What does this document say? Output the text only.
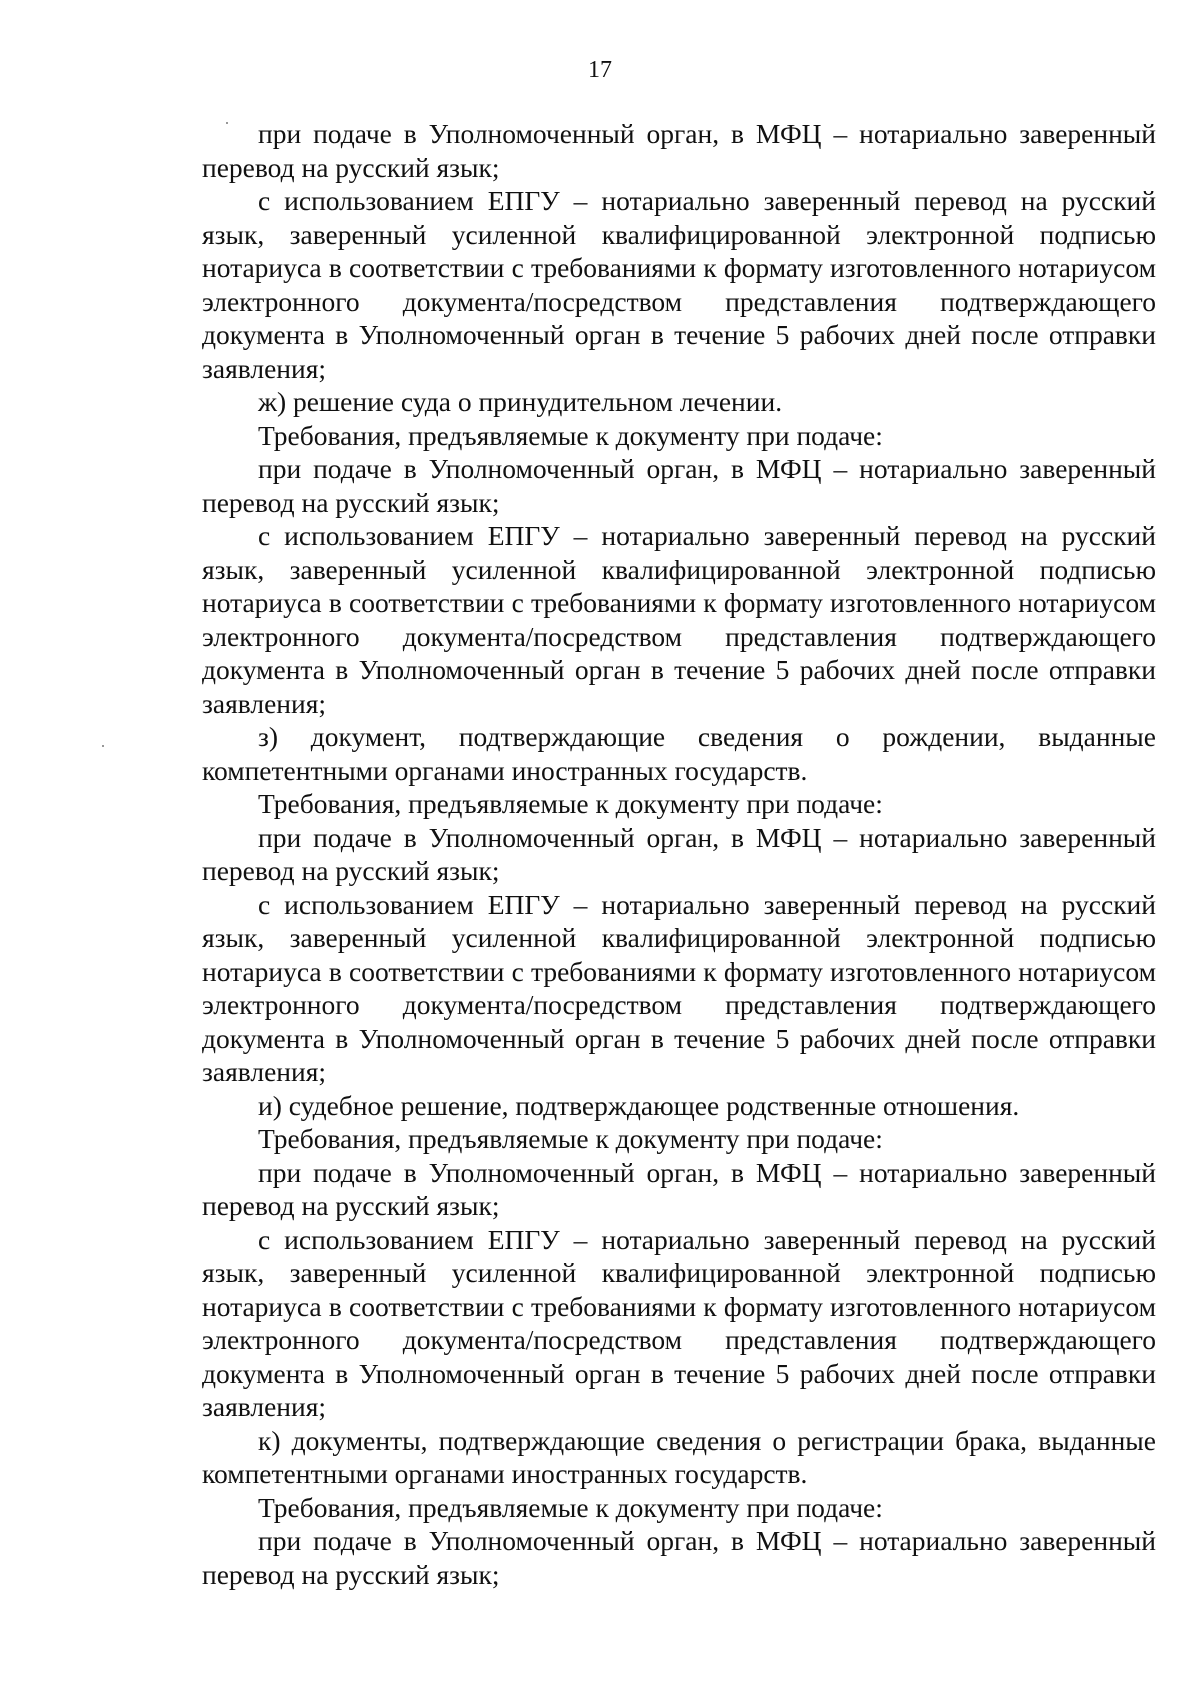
17

при подаче в Уполномоченный орган, в МФЦ – нотариально заверенный перевод на русский язык;

с использованием ЕПГУ – нотариально заверенный перевод на русский язык, заверенный усиленной квалифицированной электронной подписью нотариуса в соответствии с требованиями к формату изготовленного нотариусом электронного документа/посредством представления подтверждающего документа в Уполномоченный орган в течение 5 рабочих дней после отправки заявления;

ж) решение суда о принудительном лечении.

Требования, предъявляемые к документу при подаче:

при подаче в Уполномоченный орган, в МФЦ – нотариально заверенный перевод на русский язык;

с использованием ЕПГУ – нотариально заверенный перевод на русский язык, заверенный усиленной квалифицированной электронной подписью нотариуса в соответствии с требованиями к формату изготовленного нотариусом электронного документа/посредством представления подтверждающего документа в Уполномоченный орган в течение 5 рабочих дней после отправки заявления;

з) документ, подтверждающие сведения о рождении, выданные компетентными органами иностранных государств.

Требования, предъявляемые к документу при подаче:

при подаче в Уполномоченный орган, в МФЦ – нотариально заверенный перевод на русский язык;

с использованием ЕПГУ – нотариально заверенный перевод на русский язык, заверенный усиленной квалифицированной электронной подписью нотариуса в соответствии с требованиями к формату изготовленного нотариусом электронного документа/посредством представления подтверждающего документа в Уполномоченный орган в течение 5 рабочих дней после отправки заявления;

и) судебное решение, подтверждающее родственные отношения.

Требования, предъявляемые к документу при подаче:

при подаче в Уполномоченный орган, в МФЦ – нотариально заверенный перевод на русский язык;

с использованием ЕПГУ – нотариально заверенный перевод на русский язык, заверенный усиленной квалифицированной электронной подписью нотариуса в соответствии с требованиями к формату изготовленного нотариусом электронного документа/посредством представления подтверждающего документа в Уполномоченный орган в течение 5 рабочих дней после отправки заявления;

к) документы, подтверждающие сведения о регистрации брака, выданные компетентными органами иностранных государств.

Требования, предъявляемые к документу при подаче:

при подаче в Уполномоченный орган, в МФЦ – нотариально заверенный перевод на русский язык;
